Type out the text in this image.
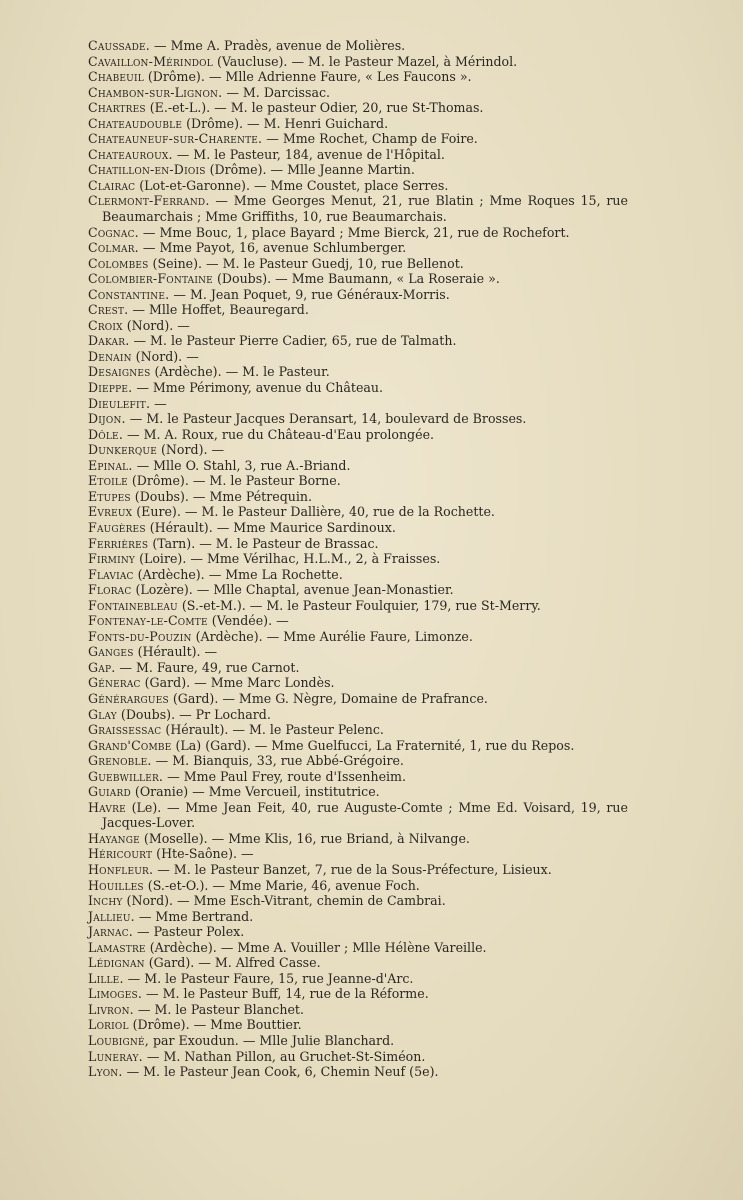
Caussade. — Mme A. Pradès, avenue de Molières.
Cavaillon-Mérindol (Vaucluse). — M. le Pasteur Mazel, à Mérindol.
Chabeuil (Drôme). — Mlle Adrienne Faure, « Les Faucons ».
Chambon-sur-Lignon. — M. Darcissac.
Chartres (E.-et-L.). — M. le pasteur Odier, 20, rue St-Thomas.
Chateaudouble (Drôme). — M. Henri Guichard.
Chateauneuf-sur-Charente. — Mme Rochet, Champ de Foire.
Chateauroux. — M. le Pasteur, 184, avenue de l'Hôpital.
Chatillon-en-Diois (Drôme). — Mlle Jeanne Martin.
Clairac (Lot-et-Garonne). — Mme Coustet, place Serres.
Clermont-Ferrand. — Mme Georges Menut, 21, rue Blatin ; Mme Roques 15, rue Beaumarchais ; Mme Griffiths, 10, rue Beaumarchais.
Cognac. — Mme Bouc, 1, place Bayard ; Mme Bierck, 21, rue de Rochefort.
Colmar. — Mme Payot, 16, avenue Schlumberger.
Colombes (Seine). — M. le Pasteur Guedj, 10, rue Bellenot.
Colombier-Fontaine (Doubs). — Mme Baumann, « La Roseraie ».
Constantine. — M. Jean Poquet, 9, rue Généraux-Morris.
Crest. — Mlle Hoffet, Beauregard.
Croix (Nord). —
Dakar. — M. le Pasteur Pierre Cadier, 65, rue de Talmath.
Denain (Nord). —
Desaignes (Ardèche). — M. le Pasteur.
Dieppe. — Mme Périmony, avenue du Château.
Dieulefit. —
Dijon. — M. le Pasteur Jacques Deransart, 14, boulevard de Brosses.
Dôle. — M. A. Roux, rue du Château-d'Eau prolongée.
Dunkerque (Nord). —
Epinal. — Mlle O. Stahl, 3, rue A.-Briand.
Etoile (Drôme). — M. le Pasteur Borne.
Etupes (Doubs). — Mme Pétrequin.
Evreux (Eure). — M. le Pasteur Dallière, 40, rue de la Rochette.
Faugères (Hérault). — Mme Maurice Sardinoux.
Ferrières (Tarn). — M. le Pasteur de Brassac.
Firminy (Loire). — Mme Vérilhac, H.L.M., 2, à Fraisses.
Flaviac (Ardèche). — Mme La Rochette.
Florac (Lozère). — Mlle Chaptal, avenue Jean-Monastier.
Fontainebleau (S.-et-M.). — M. le Pasteur Foulquier, 179, rue St-Merry.
Fontenay-le-Comte (Vendée). —
Fonts-du-Pouzin (Ardèche). — Mme Aurélie Faure, Limonze.
Ganges (Hérault). —
Gap. — M. Faure, 49, rue Carnot.
Génerac (Gard). — Mme Marc Londès.
Générargues (Gard). — Mme G. Nègre, Domaine de Prafrance.
Glay (Doubs). — Pr Lochard.
Graissessac (Hérault). — M. le Pasteur Pelenc.
Grand'Combe (La) (Gard). — Mme Guelfucci, La Fraternité, 1, rue du Repos.
Grenoble. — M. Bianquis, 33, rue Abbé-Grégoire.
Guebwiller. — Mme Paul Frey, route d'Issenheim.
Guiard (Oranie) — Mme Vercueil, institutrice.
Havre (Le). — Mme Jean Feit, 40, rue Auguste-Comte ; Mme Ed. Voisard, 19, rue Jacques-Lover.
Hayange (Moselle). — Mme Klis, 16, rue Briand, à Nilvange.
Héricourt (Hte-Saône). —
Honfleur. — M. le Pasteur Banzet, 7, rue de la Sous-Préfecture, Lisieux.
Houilles (S.-et-O.). — Mme Marie, 46, avenue Foch.
Inchy (Nord). — Mme Esch-Vitrant, chemin de Cambrai.
Jallieu. — Mme Bertrand.
Jarnac. — Pasteur Polex.
Lamastre (Ardèche). — Mme A. Vouiller ; Mlle Hélène Vareille.
Lédignan (Gard). — M. Alfred Casse.
Lille. — M. le Pasteur Faure, 15, rue Jeanne-d'Arc.
Limoges. — M. le Pasteur Buff, 14, rue de la Réforme.
Livron. — M. le Pasteur Blanchet.
Loriol (Drôme). — Mme Bouttier.
Loubigné, par Exoudun. — Mlle Julie Blanchard.
Luneray. — M. Nathan Pillon, au Gruchet-St-Siméon.
Lyon. — M. le Pasteur Jean Cook, 6, Chemin Neuf (5e).
